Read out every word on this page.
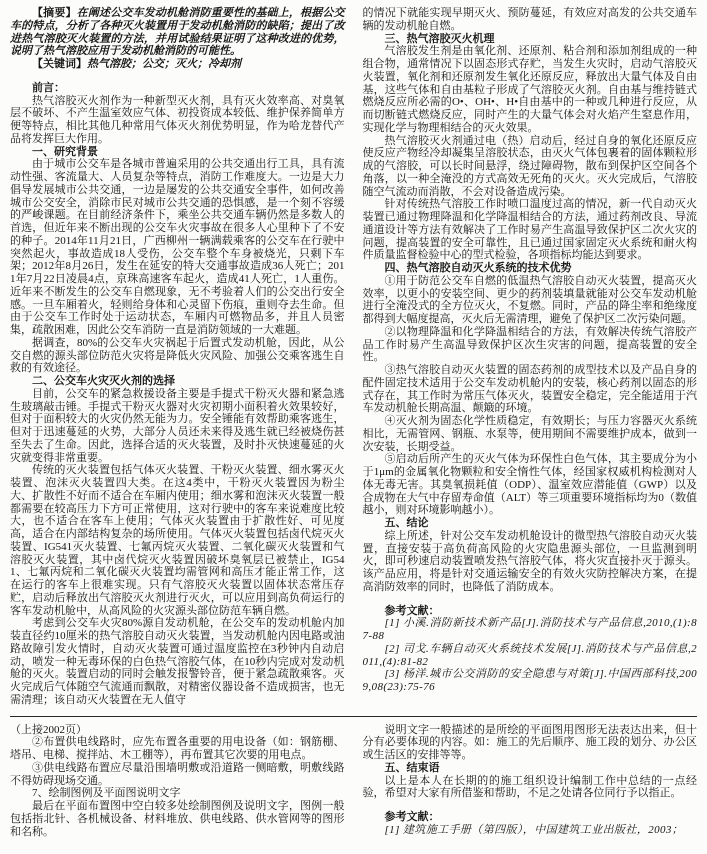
【摘要】在阐述公交车发动机舱消防重要性的基础上，根据公交车的特点，分析了各种灭火装置用于发动机舱消防的缺陷；提出了改进热气溶胶灭火装置的方法，并用试验结果证明了这种改进的优势，说明了热气溶胶应用于发动机舱消防的可能性。
【关键词】热气溶胶；公交；灭火；冷却剂
前言：
热气溶胶灭火剂作为一种新型灭火剂，具有灭火效率高、对臭氧层不破坏、不产生温室效应气体、初投资成本较低、维护保养简单方便等特点，相比其他几种常用气体灭火剂优势明显，作为哈龙替代产品将发挥巨大作用。
一、研究背景
由于城市公交车是各城市普遍采用的公共交通出行工具，具有流动性强、客流量大、人员复杂等特点，消防工作难度大。一边是大力倡导发展城市公共交通，一边是屡发的公共交通安全事件，如何改善城市公交安全，消除市民对城市公共交通的恐惧感，是一个刻不容缓的严峻课题。在目前经济条件下，乘坐公共交通车辆仍然是多数人的首选，但近年来不断出现的公交车火灾事故在很多人心里种下了不安的种子。2014年11月21日，广西柳州一辆满载乘客的公交车在行驶中突然起火，事故造成18人受伤，公交车整个车身被烧光，只剩下车架；2012年8月26日，发生在延安的特大交通事故造成36人死亡；2011年7月22日凌晨4点，京珠高速客车起火，造成41人死亡，1人重伤。近年来不断发生的公交车自燃现象，无不考验着人们的公交出行安全感。一旦车厢着火，轻则给身体和心灵留下伤痕，重则夺去生命。但由于公交车工作时处于运动状态，车厢内可燃物品多，并且人员密集，疏散困难，因此公交车消防一直是消防领域的一大难题。
据调查，80%的公交车火灾祸起于后置式发动机舱，因此，从公交自燃的源头部位防范火灾将是降低火灾风险、加强公交乘客逃生自救的有效途径。
二、公交车火灾灭火剂的选择
目前，公交车的紧急救援设备主要是手提式干粉灭火器和紧急逃生玻璃敲击锤。手提式干粉灭火器对火灾初期小面积着火效果较好，但对于面积较大的火灾仍然无能为力。安全锤能有效帮助乘客逃生，但对于迅速蔓延的火势，大部分人员还未来得及逃生就已经被烧伤甚至失去了生命。因此，选择合适的灭火装置，及时扑灭快速蔓延的火灾就变得非常重要。
传统的灭火装置包括气体灭火装置、干粉灭火装置、细水雾灭火装置、泡沫灭火装置四大类。在这4类中，干粉灭火装置因为粉尘大、扩散性不好而不适合在车厢内使用；细水雾和泡沫灭火装置一般都需要在较高压力下方可正常使用，这对行驶中的客车来说难度比较大，也不适合在客车上使用；气体灭火装置由于扩散性好、可见度高，适合在内部结构复杂的场所使用。气体灭火装置包括卤代烷灭火装置、IG541灭火装置、七氟丙烷灭火装置、二氧化碳灭火装置和气溶胶灭火装置，其中卤代烷灭火装置因破坏臭氧层已被禁止，IG541、七氟丙烷和二氧化碳灭火装置均需管网和高压才能正常工作，这在运行的客车上很难实现。只有气溶胶灭火装置以固体状态常压存贮，启动后释放出气溶胶灭火剂进行灭火，可以应用到高负荷运行的客车发动机舱中，从高风险的火灾源头部位防范车辆自燃。
考虑到公交车火灾80%源自发动机舱，在公交车的发动机舱内加装直径约10厘米的热气溶胶自动灭火装置，当发动机舱内因电路或油路故障引发火情时，自动灭火装置可通过温度监控在3秒钟内自动启动，喷发一种无毒环保的白色热气溶胶气体，在10秒内完成对发动机舱的灭火。装置启动的同时会触发报警铃音，便于紧急疏散乘客。灭火完成后气体随空气流通而飘散，对精密仪器设备不造成损害，也无需清理；该自动灭火装置在无人值守
的情况下就能实现早期灭火、预防蔓延，有效应对高发的公共交通车辆的发动机舱自燃。
三、热气溶胶灭火机理
气溶胶发生剂是由氧化剂、还原剂、粘合剂和添加剂组成的一种组合物，通常情况下以固态形式存贮，当发生火灾时，启动气溶胶灭火装置，氧化剂和还原剂发生氧化还原反应，释放出大量气体及自由基，这些气体和自由基粒子形成了气溶胶灭火剂。自由基与维持链式燃烧反应所必需的O•、OH•、H•自由基中的一种或几种进行反应，从而切断链式燃烧反应，同时产生的大量气体会对火焰产生窒息作用，实现化学与物理相结合的灭火效果。
热气溶胶灭火剂通过电（热）启动后，经过自身的氧化还原反应使反应产物经冷却凝集呈溶胶状态，由灭火气体包裹着的固体颗粒形成的气溶胶，可以长时间悬浮，绕过障碍物，散布到保护区空间各个角落，以一种全淹没的方式高效无死角的灭火。灭火完成后，气溶胶随空气流动而消散，不会对设备造成污染。
针对传统热气溶胶工作时喷口温度过高的情况，新一代自动灭火装置已通过物理降温和化学降温相结合的方法，通过药剂改良、导流通道设计等方法有效解决了工作时易产生高温导致保护区二次火灾的问题，提高装置的安全可靠性，且已通过国家固定灭火系统和耐火构件质量监督检验中心的型式检验，各项指标均能达到要求。
四、热气溶胶自动灭火系统的技术优势
①用于防范公交车自燃的低温热气溶胶自动灭火装置，提高灭火效率，以更小的安装空间、更少的药剂装填量就能对公交车发动机舱进行全淹没式的全方位灭火，不复燃。同时，产品的降尘率和绝缘度都得到大幅度提高，灭火后无需清理，避免了保护区二次污染问题。
②以物理降温和化学降温相结合的方法，有效解决传统气溶胶产品工作时易产生高温导致保护区次生灾害的问题，提高装置的安全性。
③热气溶胶自动灭火装置的固态药剂的成型技术以及产品自身的配件固定技术适用于公交车发动机舱内的安装，核心药剂以固态的形式存在，其工作时为常压气体灭火，装置安全稳定，完全能适用于汽车发动机舱长期高温、颠簸的环境。
④灭火剂为固态化学性质稳定，有效期长；与压力容器灭火系统相比，无需管网、钢瓶、水泵等，使用期间不需要维护成本，做到一次安装，长期受益。
⑤启动后所产生的灭火气体为环保性白色气体，其主要成分为小于1μm的金属氧化物颗粒和安全惰性气体，经国家权威机构检测对人体无毒无害。其臭氧损耗值（ODP）、温室效应潜能值（GWP）以及合成物在大气中存留寿命值（ALT）等三项重要环境指标均为0（数值越小，则对环境影响越小）。
五、结论
综上所述，针对公交车发动机舱设计的微型热气溶胶自动灭火装置，直接安装于高负荷高风险的火灾隐患源头部位，一旦监测到明火，即可秒速启动装置喷发热气溶胶气体，将火灾直接扑灭于源头。该产品应用，将是针对交通运输安全的有效火灾防控解决方案，在提高消防效率的同时，也降低了消防成本。
参考文献：
[1] 小溪.消防新技术新产品[J].消防技术与产品信息,2010,(1):87-88
[2] 司戈.车辆自动灭火系统技术发展[J].消防技术与产品信息,2011,(4):81-82
[3] 杨洋.城市公交消防的安全隐患与对策[J].中国西部科技,2009,08(23):75-76
（上接2002页）
②布置供电线路时，应先布置各重要的用电设备（如：钢筋棚、塔吊、电梯、搅拌站、木工棚等），再布置其它次要的用电点。
③供电线路布置应尽量沿围墙明敷或沿道路一侧暗敷，明敷线路不得妨碍现场交通。
7、绘制图例及平面图说明文字
最后在平面布置图中空白较多处绘制图例及说明文字，图例一般包括指北针、各机械设备、材料堆放、供电线路、供水管网等的图形和名称。
说明文字一般描述的是所绘的平面图用图形无法表达出来，但十分有必要体现的内容。如：施工的先后顺序、施工段的划分、办公区或生活区的安排等等。
五、结束语
以上是本人在长期的的施工组织设计编制工作中总结的一点经验，希望对大家有所借鉴和帮助，不足之处请各位同行予以指正。
参考文献：
[1] 建筑施工手册（第四版），中国建筑工业出版社，2003；
